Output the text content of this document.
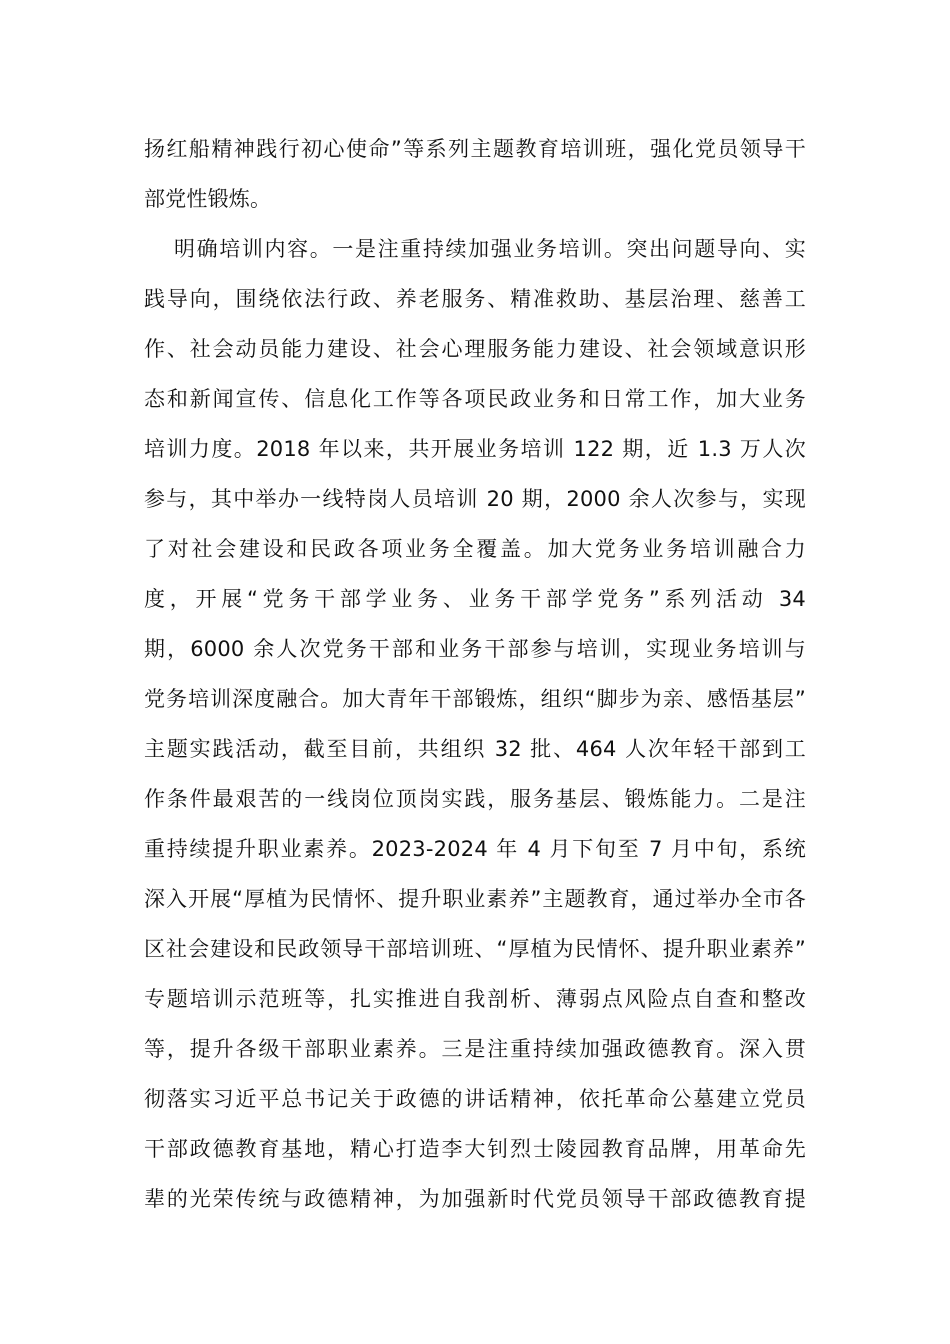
扬红船精神践行初心使命”等系列主题教育培训班，强化党员领导干
部党性锻炼。
明确培训内容。一是注重持续加强业务培训。突出问题导向、实
践导向，围绕依法行政、养老服务、精准救助、基层治理、慈善工
作、社会动员能力建设、社会心理服务能力建设、社会领域意识形
态和新闻宣传、信息化工作等各项民政业务和日常工作，加大业务
培训力度。2018 年以来，共开展业务培训 122 期，近 1.3 万人次
参与，其中举办一线特岗人员培训 20 期，2000 余人次参与，实现
了对社会建设和民政各项业务全覆盖。加大党务业务培训融合力
度，开展“党务干部学业务、业务干部学党务”系列活动 34
期，6000 余人次党务干部和业务干部参与培训，实现业务培训与
党务培训深度融合。加大青年干部锻炼，组织“脚步为亲、感悟基层”
主题实践活动，截至目前，共组织 32 批、464 人次年轻干部到工
作条件最艰苦的一线岗位顶岗实践，服务基层、锻炼能力。二是注
重持续提升职业素养。2023-2024 年 4 月下旬至 7 月中旬，系统
深入开展“厚植为民情怀、提升职业素养”主题教育，通过举办全市各
区社会建设和民政领导干部培训班、“厚植为民情怀、提升职业素养”
专题培训示范班等，扎实推进自我剖析、薄弱点风险点自查和整改
等，提升各级干部职业素养。三是注重持续加强政德教育。深入贯
彻落实习近平总书记关于政德的讲话精神，依托革命公墓建立党员
干部政德教育基地，精心打造李大钊烈士陵园教育品牌，用革命先
辈的光荣传统与政德精神，为加强新时代党员领导干部政德教育提
